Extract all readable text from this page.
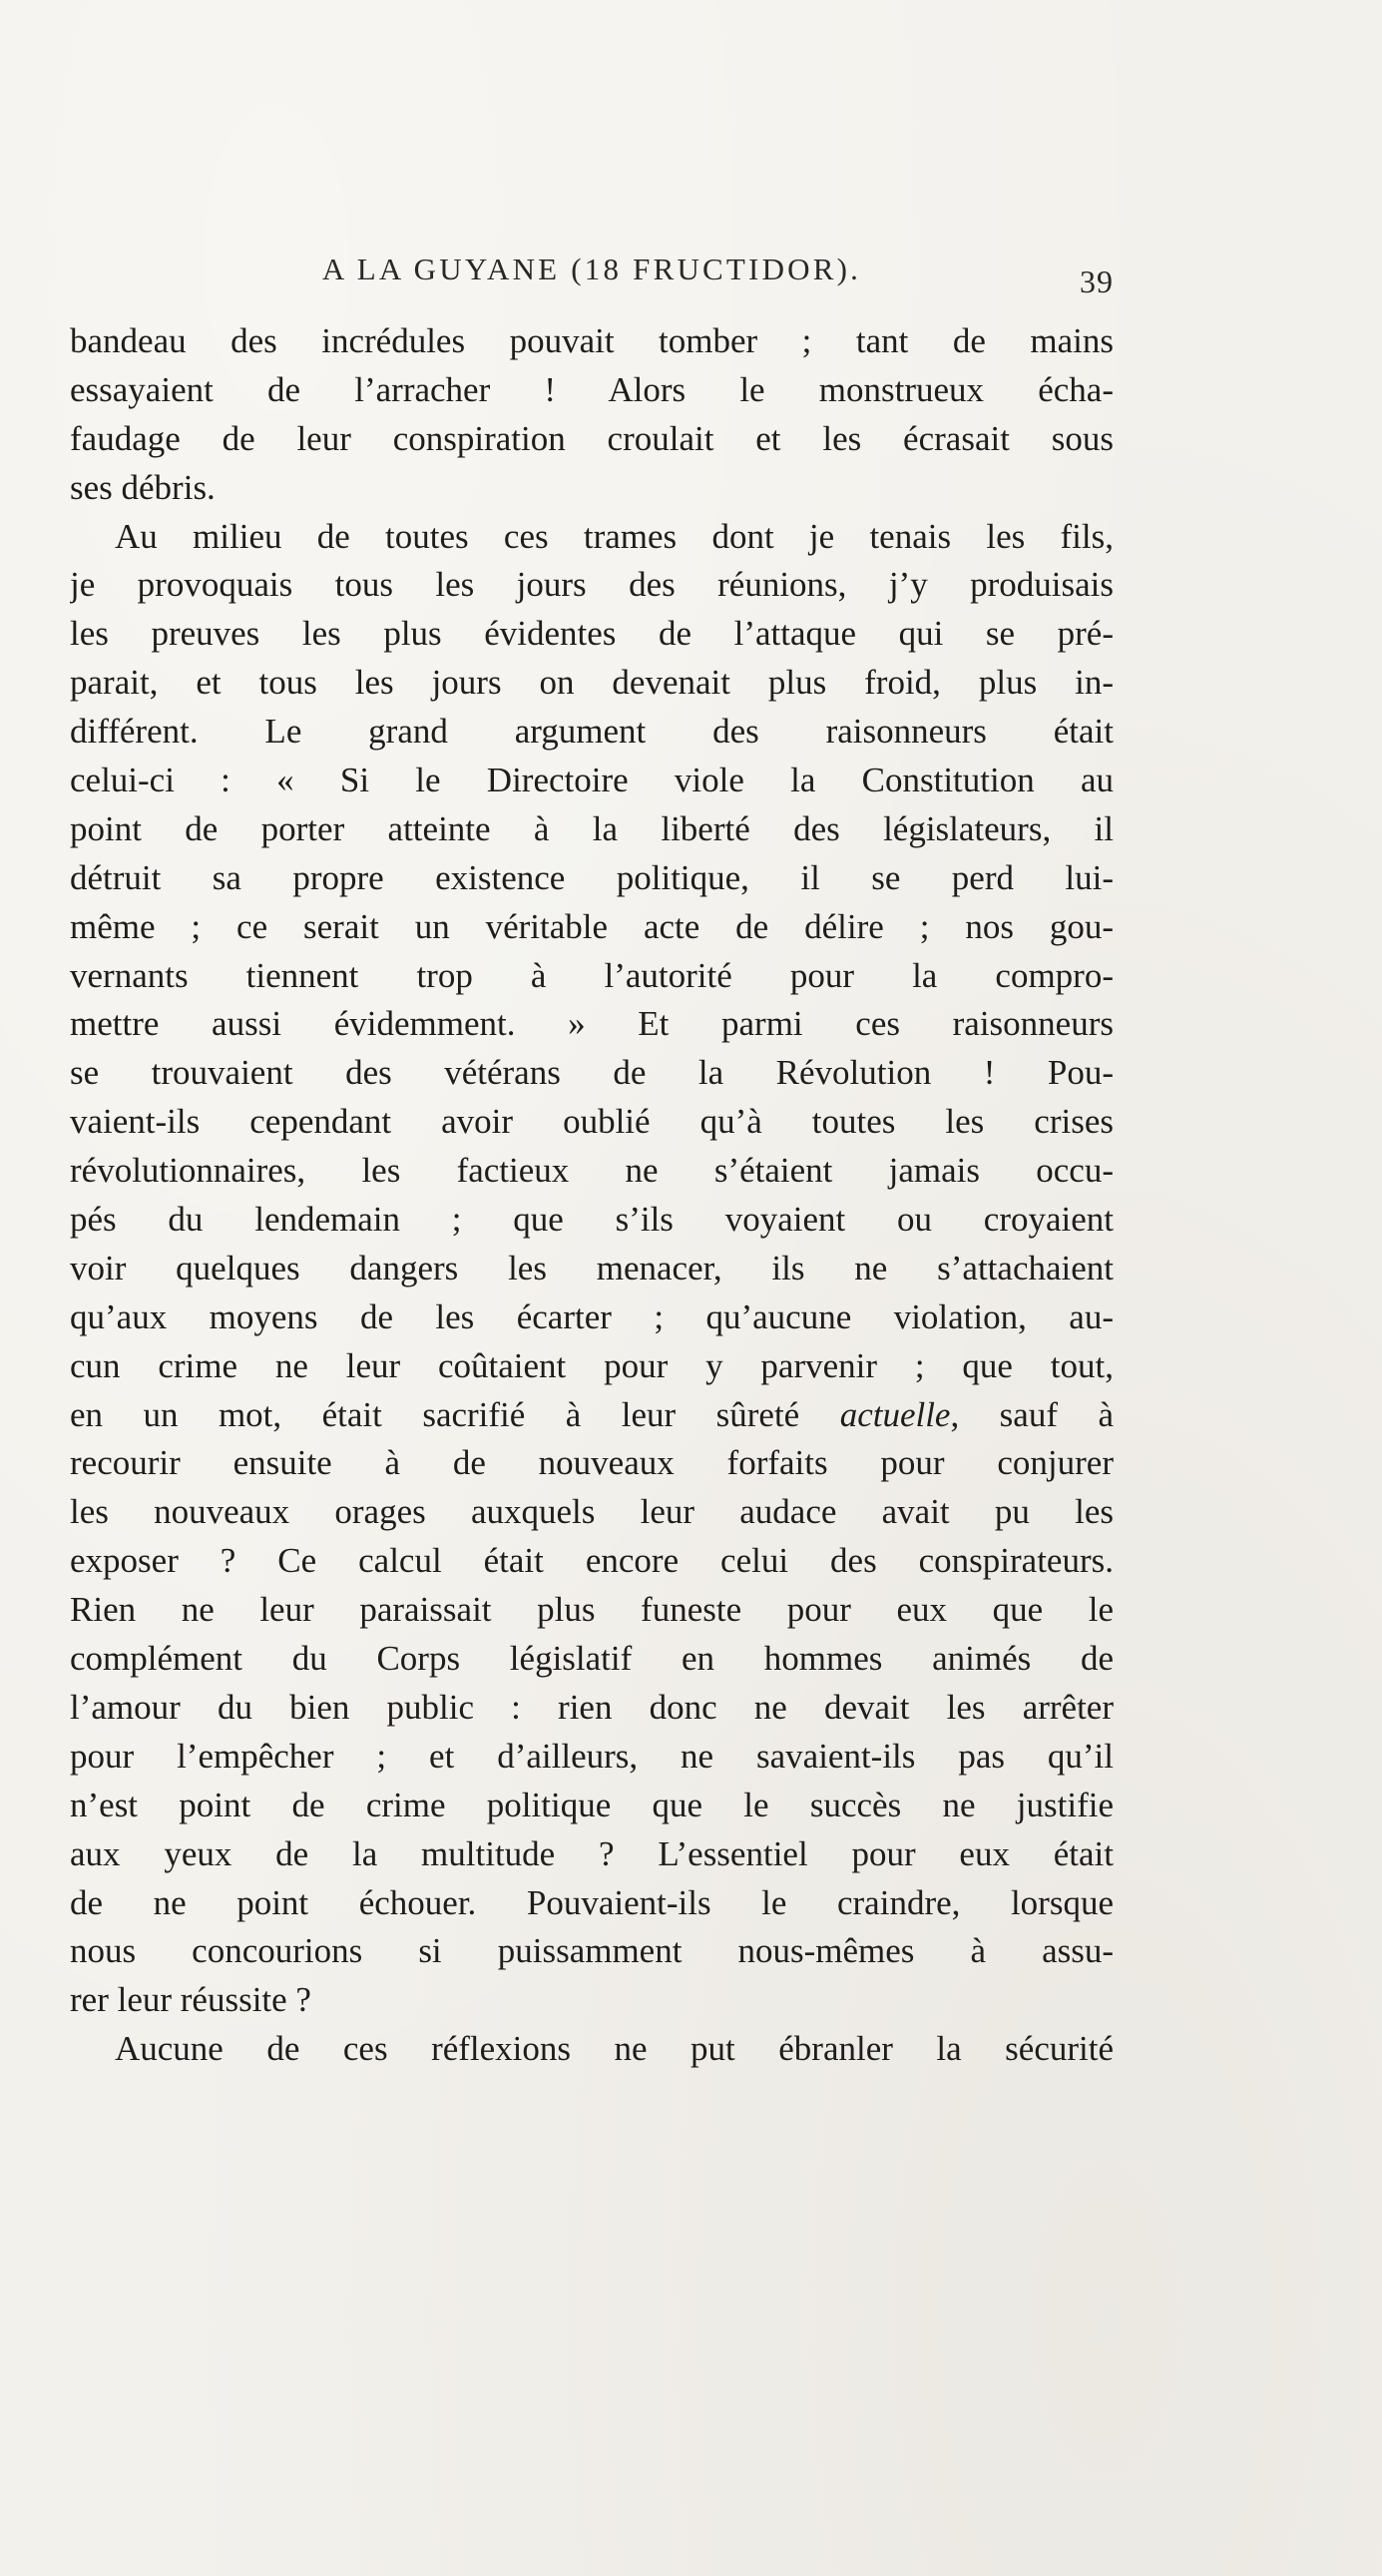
A LA GUYANE (18 FRUCTIDOR).	39
bandeau des incrédules pouvait tomber ; tant de mains
essayaient de l’arracher ! Alors le monstrueux écha-
faudage de leur conspiration croulait et les écrasait sous
ses débris.
Au milieu de toutes ces trames dont je tenais les fils,
je provoquais tous les jours des réunions, j’y produisais
les preuves les plus évidentes de l’attaque qui se pré-
parait, et tous les jours on devenait plus froid, plus in-
différent. Le grand argument des raisonneurs était
celui-ci : « Si le Directoire viole la Constitution au
point de porter atteinte à la liberté des législateurs, il
détruit sa propre existence politique, il se perd lui-
même ; ce serait un véritable acte de délire ; nos gou-
vernants tiennent trop à l’autorité pour la compro-
mettre aussi évidemment. » Et parmi ces raisonneurs
se trouvaient des vétérans de la Révolution ! Pou-
vaient-ils cependant avoir oublié qu’à toutes les crises
révolutionnaires, les factieux ne s’étaient jamais occu-
pés du lendemain ; que s’ils voyaient ou croyaient
voir quelques dangers les menacer, ils ne s’attachaient
qu’aux moyens de les écarter ; qu’aucune violation, au-
cun crime ne leur coûtaient pour y parvenir ; que tout,
en un mot, était sacrifié à leur sûreté actuelle, sauf à
recourir ensuite à de nouveaux forfaits pour conjurer
les nouveaux orages auxquels leur audace avait pu les
exposer ? Ce calcul était encore celui des conspirateurs.
Rien ne leur paraissait plus funeste pour eux que le
complément du Corps législatif en hommes animés de
l’amour du bien public : rien donc ne devait les arrêter
pour l’empêcher ; et d’ailleurs, ne savaient-ils pas qu’il
n’est point de crime politique que le succès ne justifie
aux yeux de la multitude ? L’essentiel pour eux était
de ne point échouer. Pouvaient-ils le craindre, lorsque
nous concourions si puissamment nous-mêmes à assu-
rer leur réussite ?
Aucune de ces réflexions ne put ébranler la sécurité
